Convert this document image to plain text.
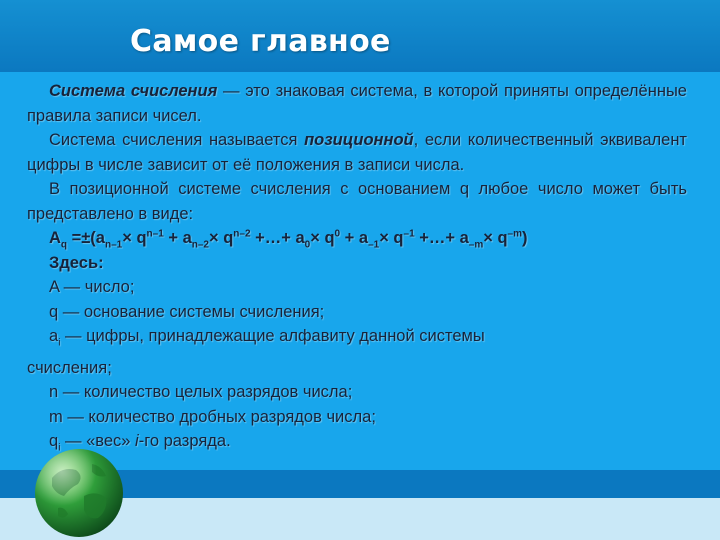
Самое главное

Система счисления — это знаковая система, в которой приняты определённые правила записи чисел.

Система счисления называется позиционной, если количественный эквивалент цифры в числе зависит от её положения в записи числа.

В позиционной системе счисления с основанием q любое число может быть представлено в виде:

$A_q =\pm(a_{n-1}\times q^{n-1} + a_{n-2}\times q^{n-2}$ +…+ $a_0\times q^0 + a_{-1}\times q^{-1}$ +…+ $a_{-m}\times q^{-m}$)

Здесь:

A — число;

q — основание системы счисления;

$a_i$ — цифры, принадлежащие алфавиту данной системы

счисления;

n — количество целых разрядов числа;

m — количество дробных разрядов числа;

$q_i$ — «вес» i-го разряда.
